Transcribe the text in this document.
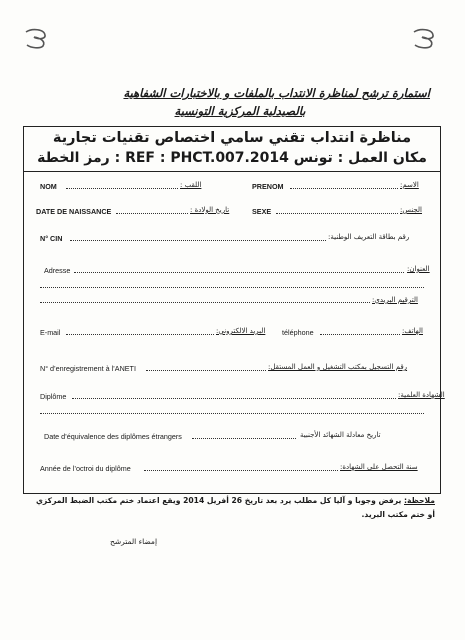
استمارة ترشح لمناظرة الانتداب بالملفات و بالاختبارات الشفاهية
بالصيدلية المركزية التونسية
مناظرة انتداب تقني سامي اختصاص تقنيات تجارية
رمز الخطة : REF : PHCT.007.2014 مكان العمل : تونس
NOM	اللقب :	PRENOM	الاسم:
DATE DE NAISSANCE	تاريخ الولادة :	SEXE	الجنس:
N° CIN	رقم بطاقة التعريف الوطنية:
Adresse	العنوان:
الترقيم البريدي:
E-mail	البريد الالكتروني: téléphone	الهاتف:
N° d’enregistrement à l’ANETI	رقم التسجيل بمكتب التشغيل و العمل المستقل:
Diplôme	الشهادة العلمية:
Date d’équivalence des diplômes étrangers	تاريخ معادلة الشهائد الأجنبية
Année de l’octroi du diplôme	سنة التحصل على الشهادة:
ملاحظة: يرفض وجوبا و آليا كل مطلب يرد بعد تاريخ 26 أفريل 2014 ويقع اعتماد ختم مكتب الضبط المركزي
أو ختم مكتب البريد.
إمضاء المترشح
